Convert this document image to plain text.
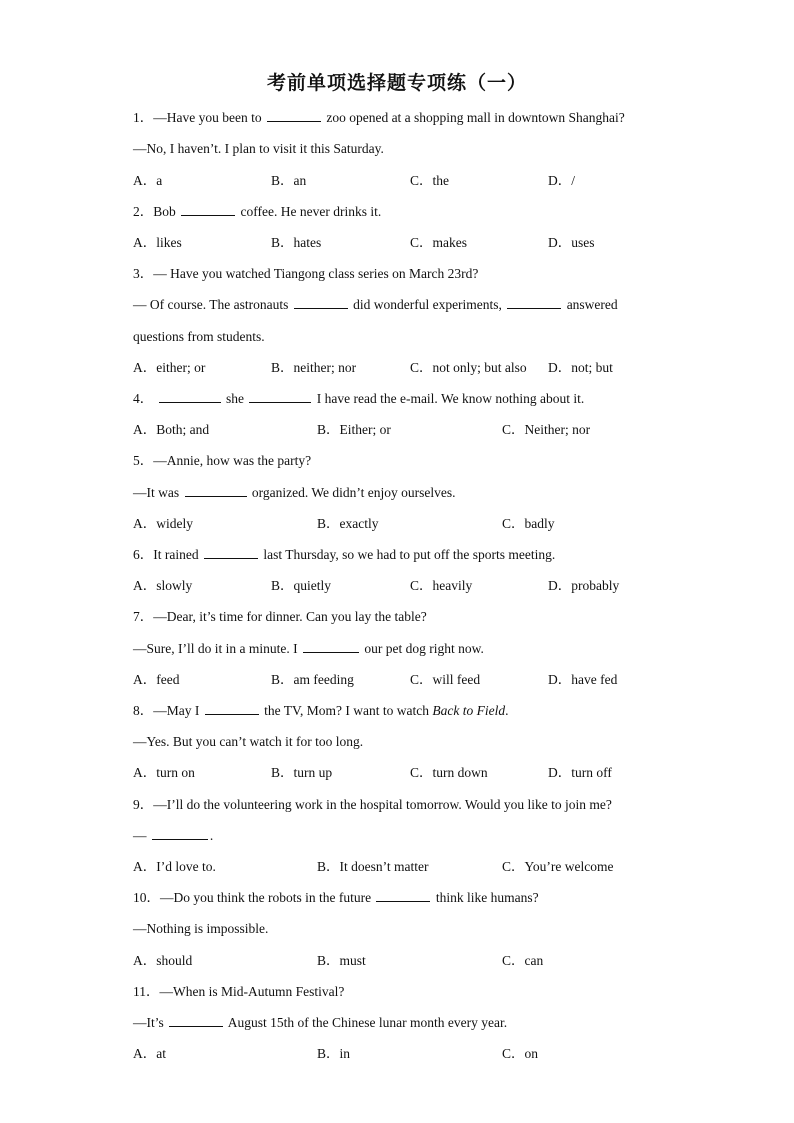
考前单项选择题专项练（一）
1．—Have you been to	zoo opened at a shopping mall in downtown Shanghai?
—No, I haven’t. I plan to visit it this Saturday.
A．a	B．an	C．the	D．/
2．Bob	coffee. He never drinks it.
A．likes	B．hates	C．makes	D．uses
3．— Have you watched Tiangong class series on March 23rd?
— Of course. The astronauts	did wonderful experiments,	answered
questions from students.
A．either; or	B．neither; nor	C．not only; but also D．not; but
4．	she	I have read the e-mail. We know nothing about it.
A．Both; and	B．Either; or	C．Neither; nor
5．—Annie, how was the party?
—It was	organized. We didn’t enjoy ourselves.
A．widely	B．exactly	C．badly
6．It rained	last Thursday, so we had to put off the sports meeting.
A．slowly	B．quietly	C．heavily	D．probably
7．—Dear, it’s time for dinner. Can you lay the table?
—Sure, I’ll do it in a minute. I	our pet dog right now.
A．feed	B．am feeding	C．will feed	D．have fed
8．—May I	the TV, Mom? I want to watch Back to Field.
—Yes. But you can’t watch it for too long.
A．turn on	B．turn up	C．turn down	D．turn off
9．—I’ll do the volunteering work in the hospital tomorrow. Would you like to join me?
—	.
A．I’d love to.	B．It doesn’t matter	C．You’re welcome
10．—Do you think the robots in the future	think like humans?
—Nothing is impossible.
A．should	B．must	C．can
11．—When is Mid-Autumn Festival?
—It’s	August 15th of the Chinese lunar month every year.
A．at	B．in	C．on
